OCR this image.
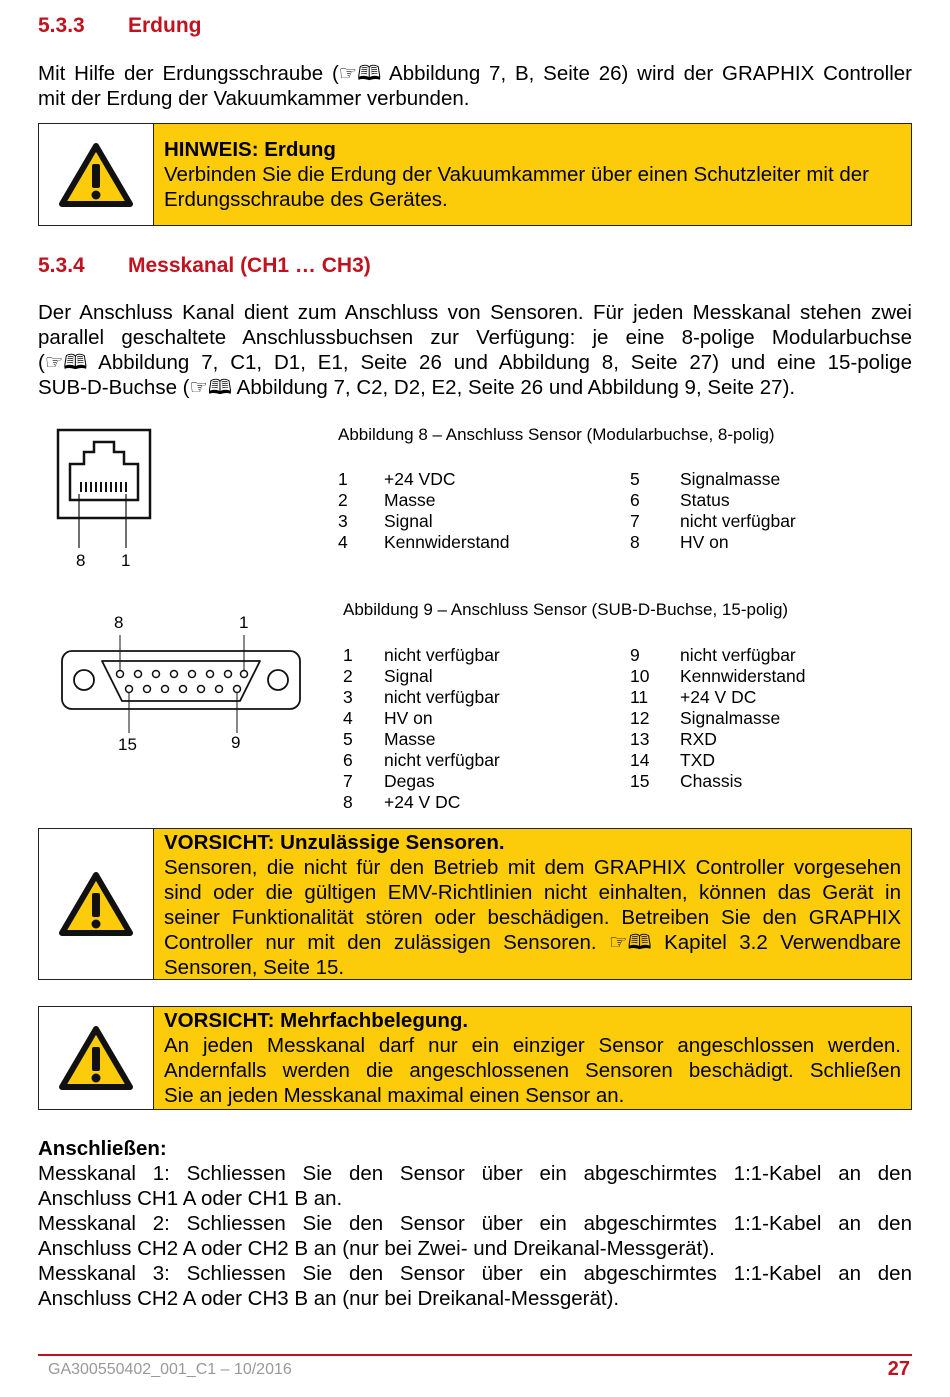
5.3.3 Erdung
Mit Hilfe der Erdungsschraube (☞🕮 Abbildung 7, B, Seite 26) wird der GRAPHIX Controller
mit der Erdung der Vakuumkammer verbunden.
HINWEIS: Erdung
Verbinden Sie die Erdung der Vakuumkammer über einen Schutzleiter mit der Erdungsschraube des Gerätes.
5.3.4 Messkanal (CH1 … CH3)
Der Anschluss Kanal dient zum Anschluss von Sensoren. Für jeden Messkanal stehen zwei
parallel geschaltete Anschlussbuchsen zur Verfügung: je eine 8-polige Modularbuchse
(☞🕮 Abbildung 7, C1, D1, E1, Seite 26 und Abbildung 8, Seite 27) und eine 15-polige
SUB-D-Buchse (☞🕮 Abbildung 7, C2, D2, E2, Seite 26 und Abbildung 9, Seite 27).
8 1
Abbildung 8 – Anschluss Sensor (Modularbuchse, 8-polig)
1 +24 VDC
2 Masse
3 Signal
4 Kennwiderstand
5 Signalmasse
6 Status
7 nicht verfügbar
8 HV on
8	1
15	9
Abbildung 9 – Anschluss Sensor (SUB-D-Buchse, 15-polig)
1 nicht verfügbar
2 Signal
3 nicht verfügbar
4 HV on
5 Masse
6 nicht verfügbar
7 Degas
8 +24 V DC
9 nicht verfügbar
10 Kennwiderstand
11 +24 V DC
12 Signalmasse
13 RXD
14 TXD
15 Chassis
VORSICHT: Unzulässige Sensoren.
Sensoren, die nicht für den Betrieb mit dem GRAPHIX Controller vorgesehen
sind oder die gültigen EMV-Richtlinien nicht einhalten, können das Gerät in
seiner Funktionalität stören oder beschädigen. Betreiben Sie den GRAPHIX
Controller nur mit den zulässigen Sensoren. ☞🕮 Kapitel 3.2 Verwendbare
Sensoren, Seite 15.
VORSICHT: Mehrfachbelegung.
An jeden Messkanal darf nur ein einziger Sensor angeschlossen werden.
Andernfalls werden die angeschlossenen Sensoren beschädigt. Schließen
Sie an jeden Messkanal maximal einen Sensor an.
Anschließen:
Messkanal 1: Schliessen Sie den Sensor über ein abgeschirmtes 1:1-Kabel an den
Anschluss CH1 A oder CH1 B an.
Messkanal 2: Schliessen Sie den Sensor über ein abgeschirmtes 1:1-Kabel an den
Anschluss CH2 A oder CH2 B an (nur bei Zwei- und Dreikanal-Messgerät).
Messkanal 3: Schliessen Sie den Sensor über ein abgeschirmtes 1:1-Kabel an den
Anschluss CH2 A oder CH3 B an (nur bei Dreikanal-Messgerät).
GA300550402_001_C1 – 10/2016	27
